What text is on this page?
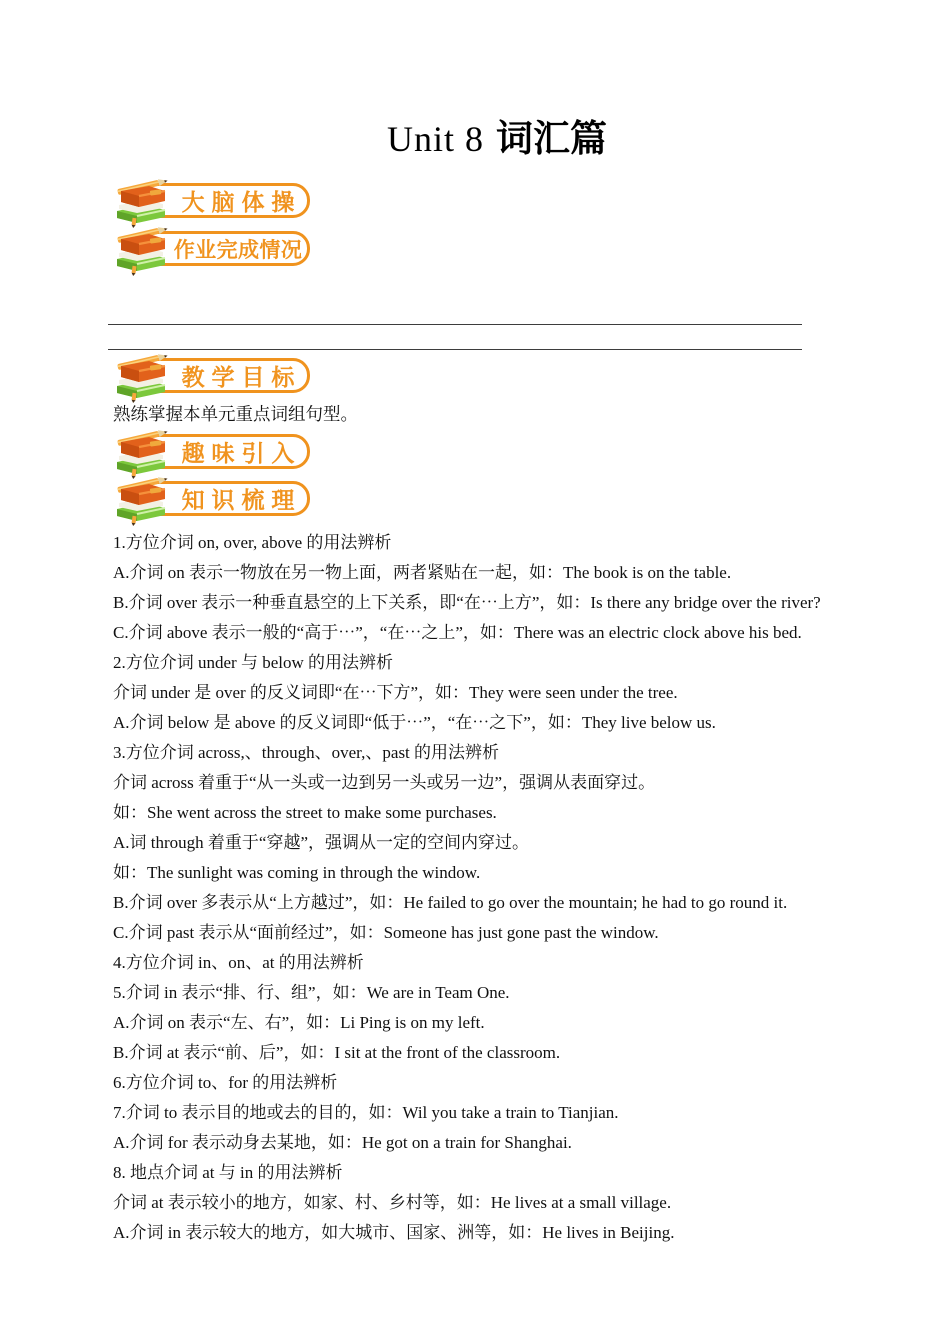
Unit 8 词汇篇
大脑体操
作业完成情况
教学目标
趣味引入
知识梳理

熟练掌握本单元重点词组句型。

1.方位介词 on, over, above 的用法辨析
A.介词 on 表示一物放在另一物上面，两者紧贴在一起，如：The book is on the table.
B.介词 over 表示一种垂直悬空的上下关系，即“在⋯上方”，如：Is there any bridge over the river?
C.介词 above 表示一般的“高于⋯”，“在⋯之上”，如：There was an electric clock above his bed.
2.方位介词 under 与 below 的用法辨析
介词 under 是 over 的反义词即“在⋯下方”，如：They were seen under the tree.
A.介词 below 是 above 的反义词即“低于⋯”，“在⋯之下”，如：They live below us.
3.方位介词 across,、through、over,、past 的用法辨析
介词 across 着重于“从一头或一边到另一头或另一边”，强调从表面穿过。
如：She went across the street to make some purchases.
A.词 through 着重于“穿越”，强调从一定的空间内穿过。
如：The sunlight was coming in through the window.
B.介词 over 多表示从“上方越过”，如：He failed to go over the mountain; he had to go round it.
C.介词 past 表示从“面前经过”，如：Someone has just gone past the window.
4.方位介词 in、on、at 的用法辨析
5.介词 in 表示“排、行、组”，如：We are in Team One.
A.介词 on 表示“左、右”，如：Li Ping is on my left.
B.介词 at 表示“前、后”，如：I sit at the front of the classroom.
6.方位介词 to、for 的用法辨析
7.介词 to 表示目的地或去的目的，如：Wil you take a train to Tianjian.
A.介词 for 表示动身去某地，如：He got on a train for Shanghai.
8. 地点介词 at 与 in 的用法辨析
介词 at 表示较小的地方，如家、村、乡村等，如：He lives at a small village.
A.介词 in 表示较大的地方，如大城市、国家、洲等，如：He lives in Beijing.
